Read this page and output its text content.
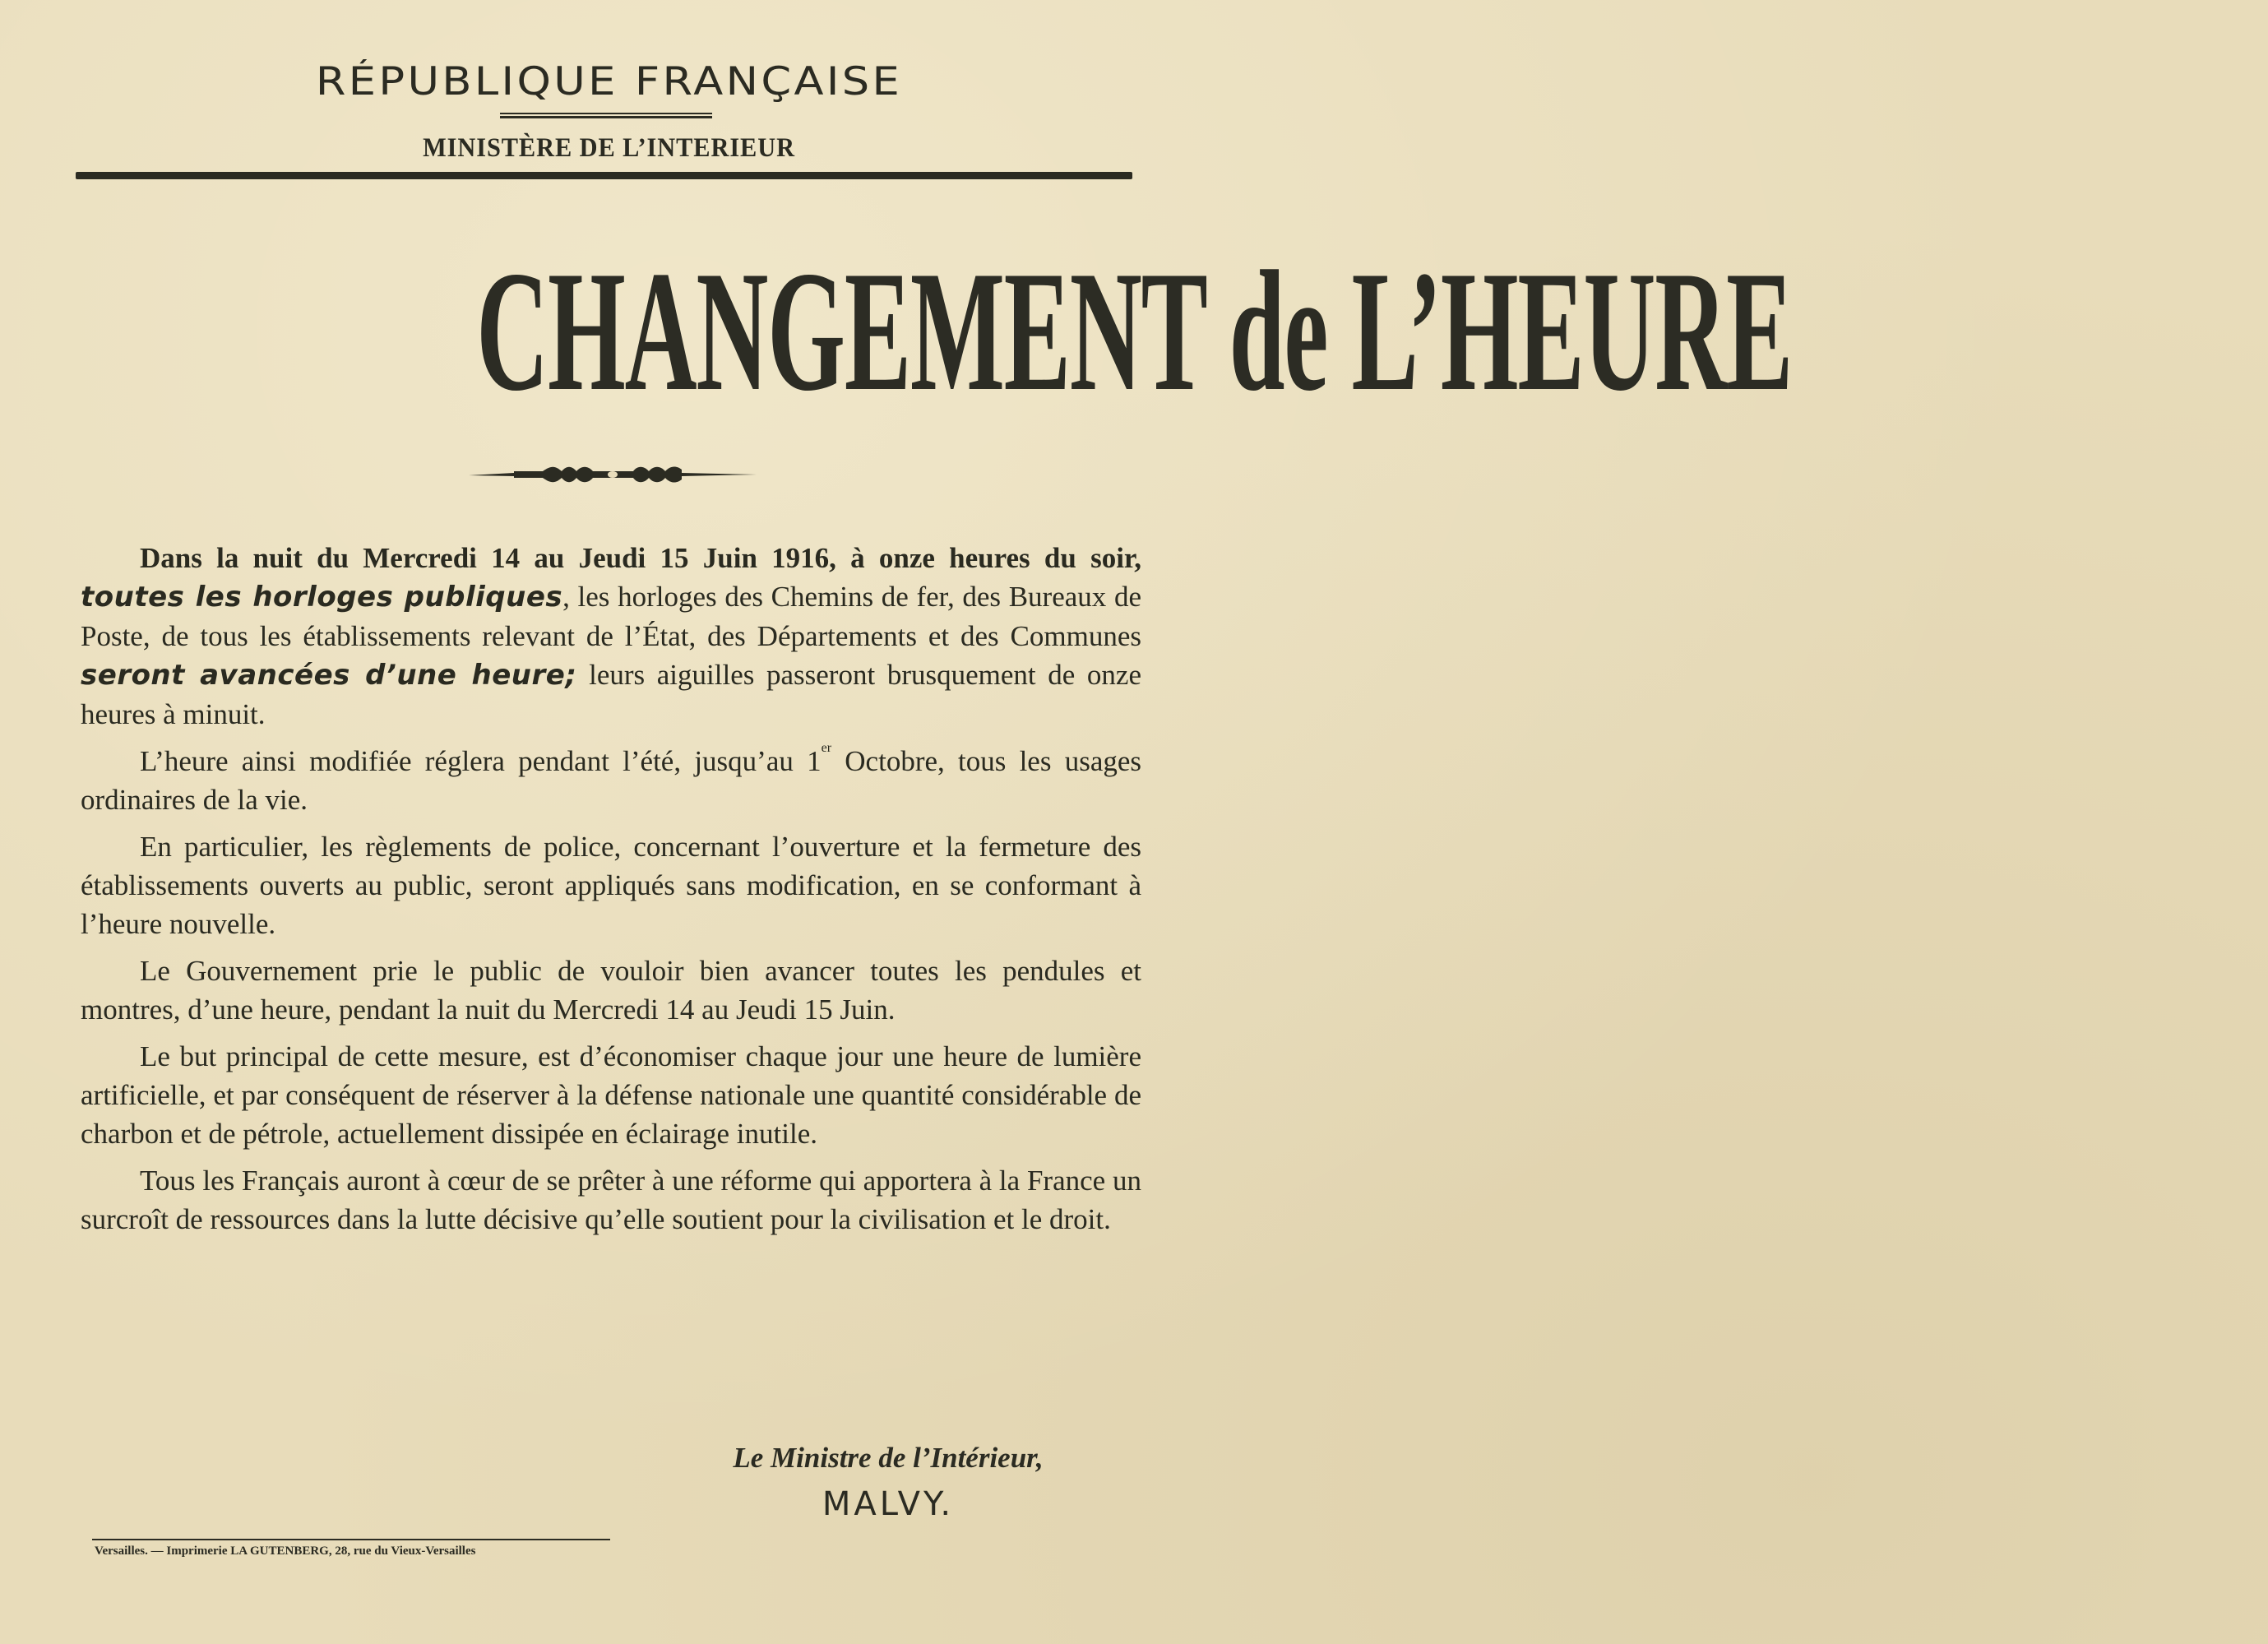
RÉPUBLIQUE FRANÇAISE
MINISTÈRE DE L’INTERIEUR
CHANGEMENT de L’HEURE

Dans la nuit du Mercredi 14 au Jeudi 15 Juin 1916, à onze heures du soir, toutes les horloges publiques, les horloges des Chemins de fer, des Bureaux de Poste, de tous les établissements relevant de l’État, des Départements et des Communes seront avancées d’une heure; leurs aiguilles passeront brusquement de onze heures à minuit.

L’heure ainsi modifiée réglera pendant l’été, jusqu’au 1er Octobre, tous les usages ordinaires de la vie.

En particulier, les règlements de police, concernant l’ouverture et la fermeture des établissements ouverts au public, seront appliqués sans modification, en se conformant à l’heure nouvelle.

Le Gouvernement prie le public de vouloir bien avancer toutes les pendules et montres, d’une heure, pendant la nuit du Mercredi 14 au Jeudi 15 Juin.

Le but principal de cette mesure, est d’économiser chaque jour une heure de lumière artificielle, et par conséquent de réserver à la défense nationale une quantité considérable de charbon et de pétrole, actuellement dissipée en éclairage inutile.

Tous les Français auront à cœur de se prêter à une réforme qui apportera à la France un surcroît de ressources dans la lutte décisive qu’elle soutient pour la civilisation et le droit.

Le Ministre de l’Intérieur,
MALVY.
Versailles. — Imprimerie LA GUTENBERG, 28, rue du Vieux-Versailles
